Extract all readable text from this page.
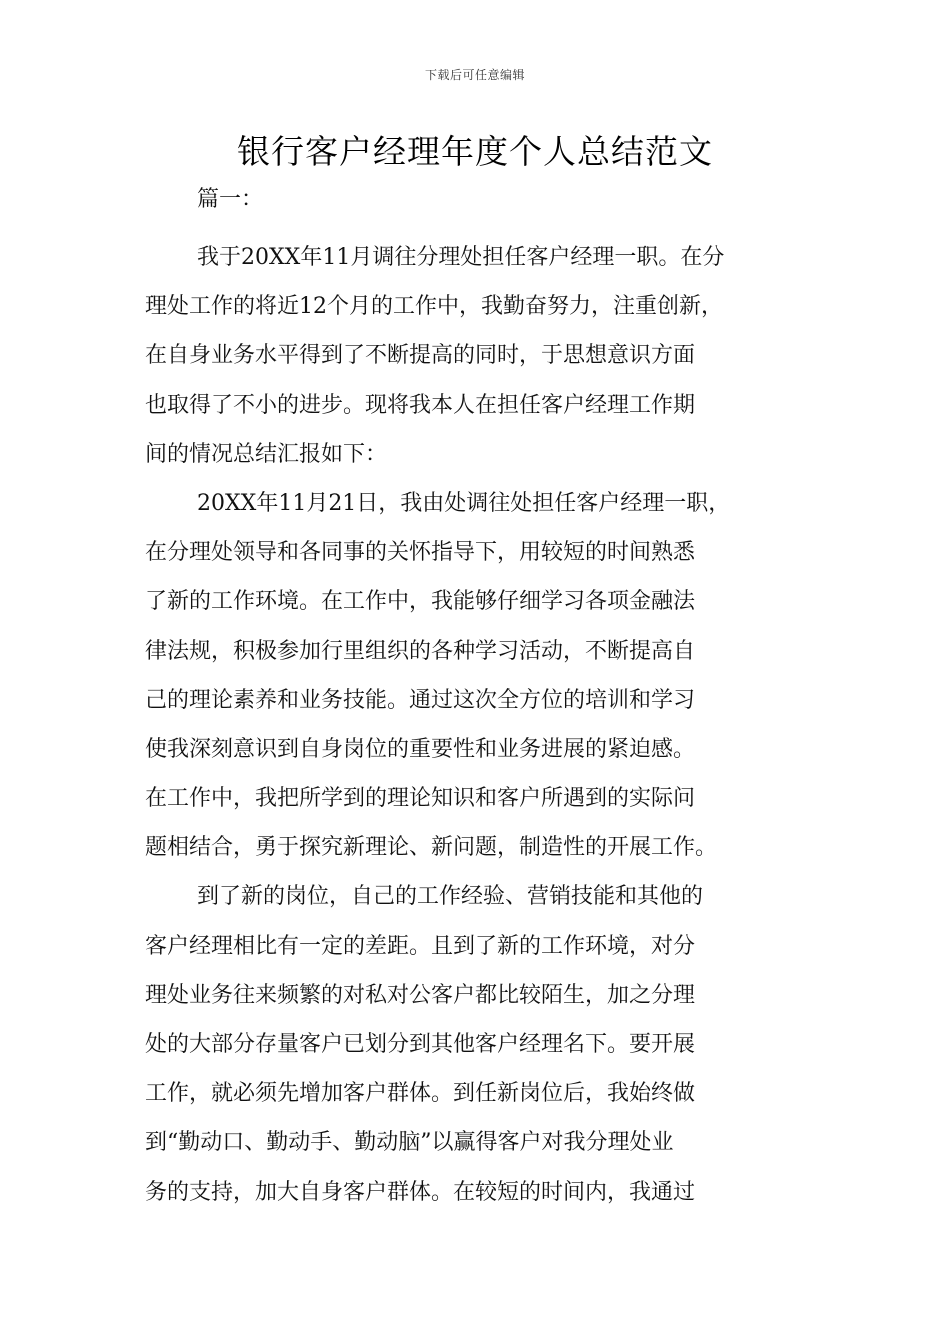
下载后可任意编辑
银行客户经理年度个人总结范文
篇一：
我于20XX年11月调往分理处担任客户经理一职。在分
理处工作的将近12个月的工作中，我勤奋努力，注重创新，
在自身业务水平得到了不断提高的同时，于思想意识方面
也取得了不小的进步。现将我本人在担任客户经理工作期
间的情况总结汇报如下：
20XX年11月21日，我由处调往处担任客户经理一职，
在分理处领导和各同事的关怀指导下，用较短的时间熟悉
了新的工作环境。在工作中，我能够仔细学习各项金融法
律法规，积极参加行里组织的各种学习活动，不断提高自
己的理论素养和业务技能。通过这次全方位的培训和学习
使我深刻意识到自身岗位的重要性和业务进展的紧迫感。
在工作中，我把所学到的理论知识和客户所遇到的实际问
题相结合，勇于探究新理论、新问题，制造性的开展工作。
到了新的岗位，自己的工作经验、营销技能和其他的
客户经理相比有一定的差距。且到了新的工作环境，对分
理处业务往来频繁的对私对公客户都比较陌生，加之分理
处的大部分存量客户已划分到其他客户经理名下。要开展
工作，就必须先增加客户群体。到任新岗位后，我始终做
到“勤动口、勤动手、勤动脑”以赢得客户对我分理处业
务的支持，加大自身客户群体。在较短的时间内，我通过
